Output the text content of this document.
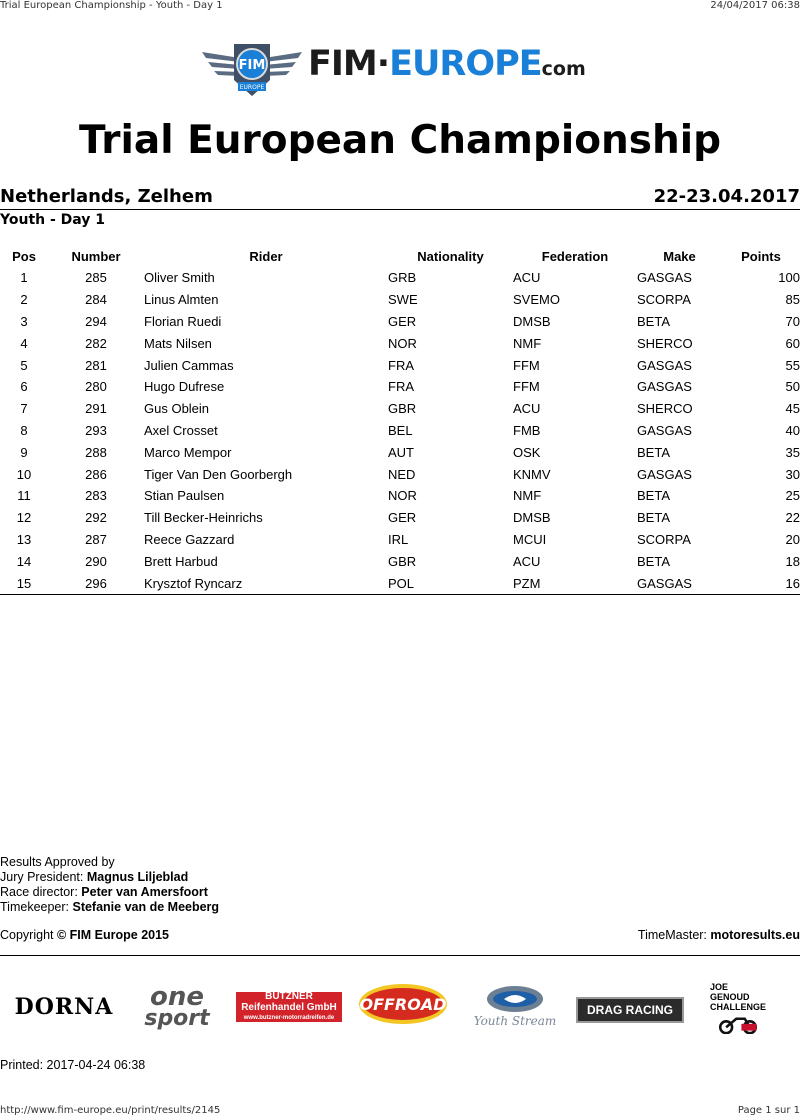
Trial European Championship - Youth - Day 1	24/04/2017 06:38
FIM
EUROPE
FIM·EUROPEcom
Trial European Championship
Netherlands, Zelhem	22-23.04.2017
Youth - Day 1
Pos	Number	Rider	Nationality	Federation	Make	Points
1	285	Oliver Smith	GRB	ACU	GASGAS	100
2	284	Linus Almten	SWE	SVEMO	SCORPA	85
3	294	Florian Ruedi	GER	DMSB	BETA	70
4	282	Mats Nilsen	NOR	NMF	SHERCO	60
5	281	Julien Cammas	FRA	FFM	GASGAS	55
6	280	Hugo Dufrese	FRA	FFM	GASGAS	50
7	291	Gus Oblein	GBR	ACU	SHERCO	45
8	293	Axel Crosset	BEL	FMB	GASGAS	40
9	288	Marco Mempor	AUT	OSK	BETA	35
10	286	Tiger Van Den Goorbergh	NED	KNMV	GASGAS	30
11	283	Stian Paulsen	NOR	NMF	BETA	25
12	292	Till Becker-Heinrichs	GER	DMSB	BETA	22
13	287	Reece Gazzard	IRL	MCUI	SCORPA	20
14	290	Brett Harbud	GBR	ACU	BETA	18
15	296	Krysztof Ryncarz	POL	PZM	GASGAS	16
Results Approved by
Jury President: Magnus Liljeblad
Race director: Peter van Amersfoort
Timekeeper: Stefanie van de Meeberg
Copyright © FIM Europe 2015	TimeMaster: motoresults.eu
DORNA one
sport
BUTZNER
Reifenhandel GmbH
www.butzner-motorradreifen.de
OFFROAD
Youth Stream
DRAG RACING
JOE GENOUD
CHALLENGE
Printed: 2017-04-24 06:38
http://www.fim-europe.eu/print/results/2145	Page 1 sur 1
